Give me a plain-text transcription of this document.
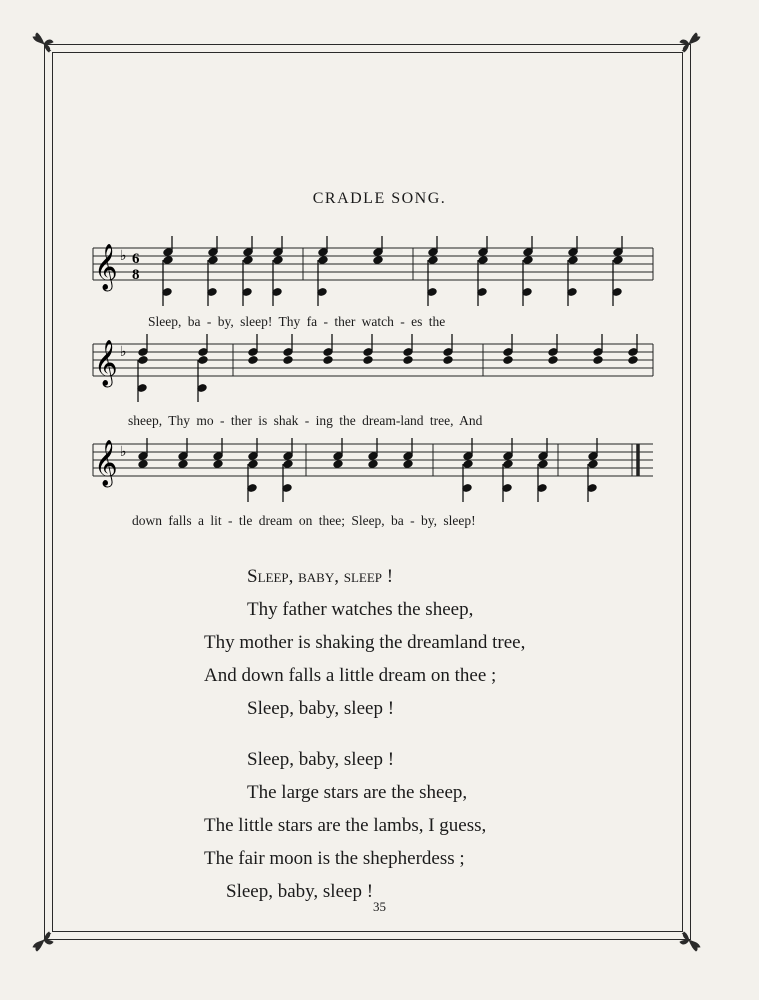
CRADLE SONG.
𝄞 ♭ 6
8
Sleep, ba - by, sleep! Thy fa - ther watch - es the
𝄞 ♭
sheep, Thy mo - ther is shak - ing the dream-land tree, And
𝄞 ♭
down falls a lit - tle dream on thee; Sleep, ba - by, sleep!
Sleep, baby, sleep !
Thy father watches the sheep,
Thy mother is shaking the dreamland tree,
And down falls a little dream on thee ;
Sleep, baby, sleep !
Sleep, baby, sleep !
The large stars are the sheep,
The little stars are the lambs, I guess,
The fair moon is the shepherdess ;
Sleep, baby, sleep !
35
